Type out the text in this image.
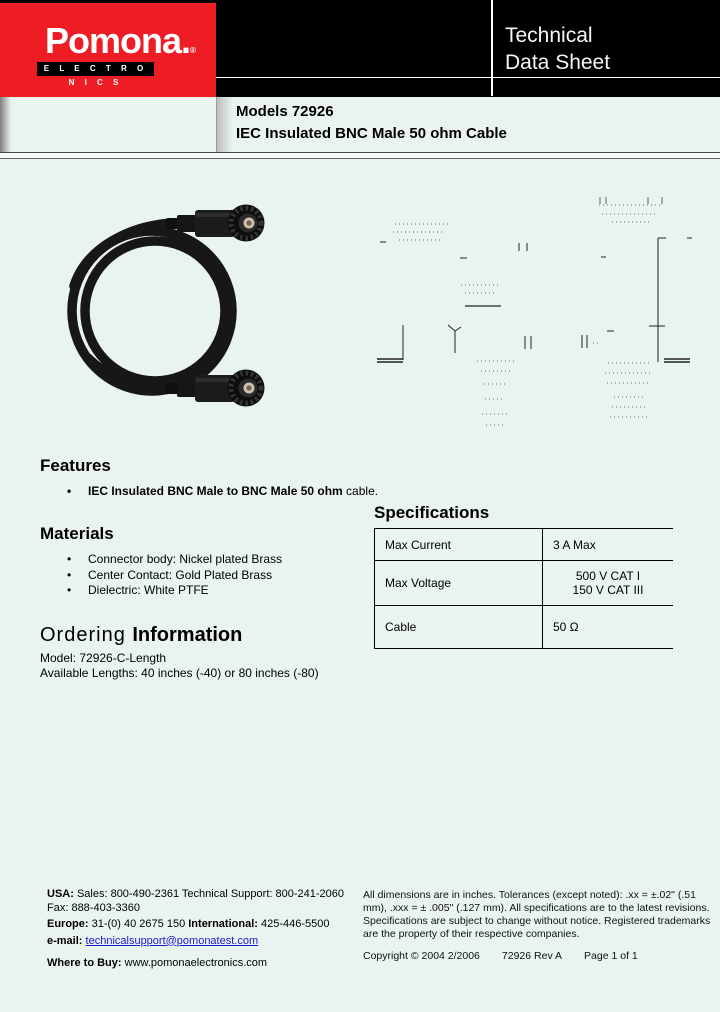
Pomona.®
E L E C T R O N I C S
Technical
Data Sheet
Models 72926
IEC Insulated BNC Male 50 ohm Cable
Features
• IEC Insulated BNC Male to BNC Male 50 ohm cable.
Materials
• Connector body: Nickel plated Brass
• Center Contact: Gold Plated Brass
• Dielectric: White PTFE
Specifications
Max Current	3 A Max
Max Voltage	500 V CAT I
150 V CAT III

Cable	50 Ω
Ordering Information
Model: 72926-C-Length
Available Lengths: 40 inches (-40) or 80 inches (-80)

USA: Sales: 800-490-2361 Technical Support: 800-241-2060 Fax: 888-403-3360

Europe: 31-(0) 40 2675 150 International: 425-446-5500

e-mail: technicalsupport@pomonatest.com

Where to Buy: www.pomonaelectronics.com

All dimensions are in inches. Tolerances (except noted): .xx = ±.02" (.51 mm), .xxx = ± .005" (.127 mm). All specifications are to the latest revisions. Specifications are subject to change without notice. Registered trademarks are the property of their respective companies.

Copyright © 2004 2/2006 72926 Rev A Page 1 of 1
